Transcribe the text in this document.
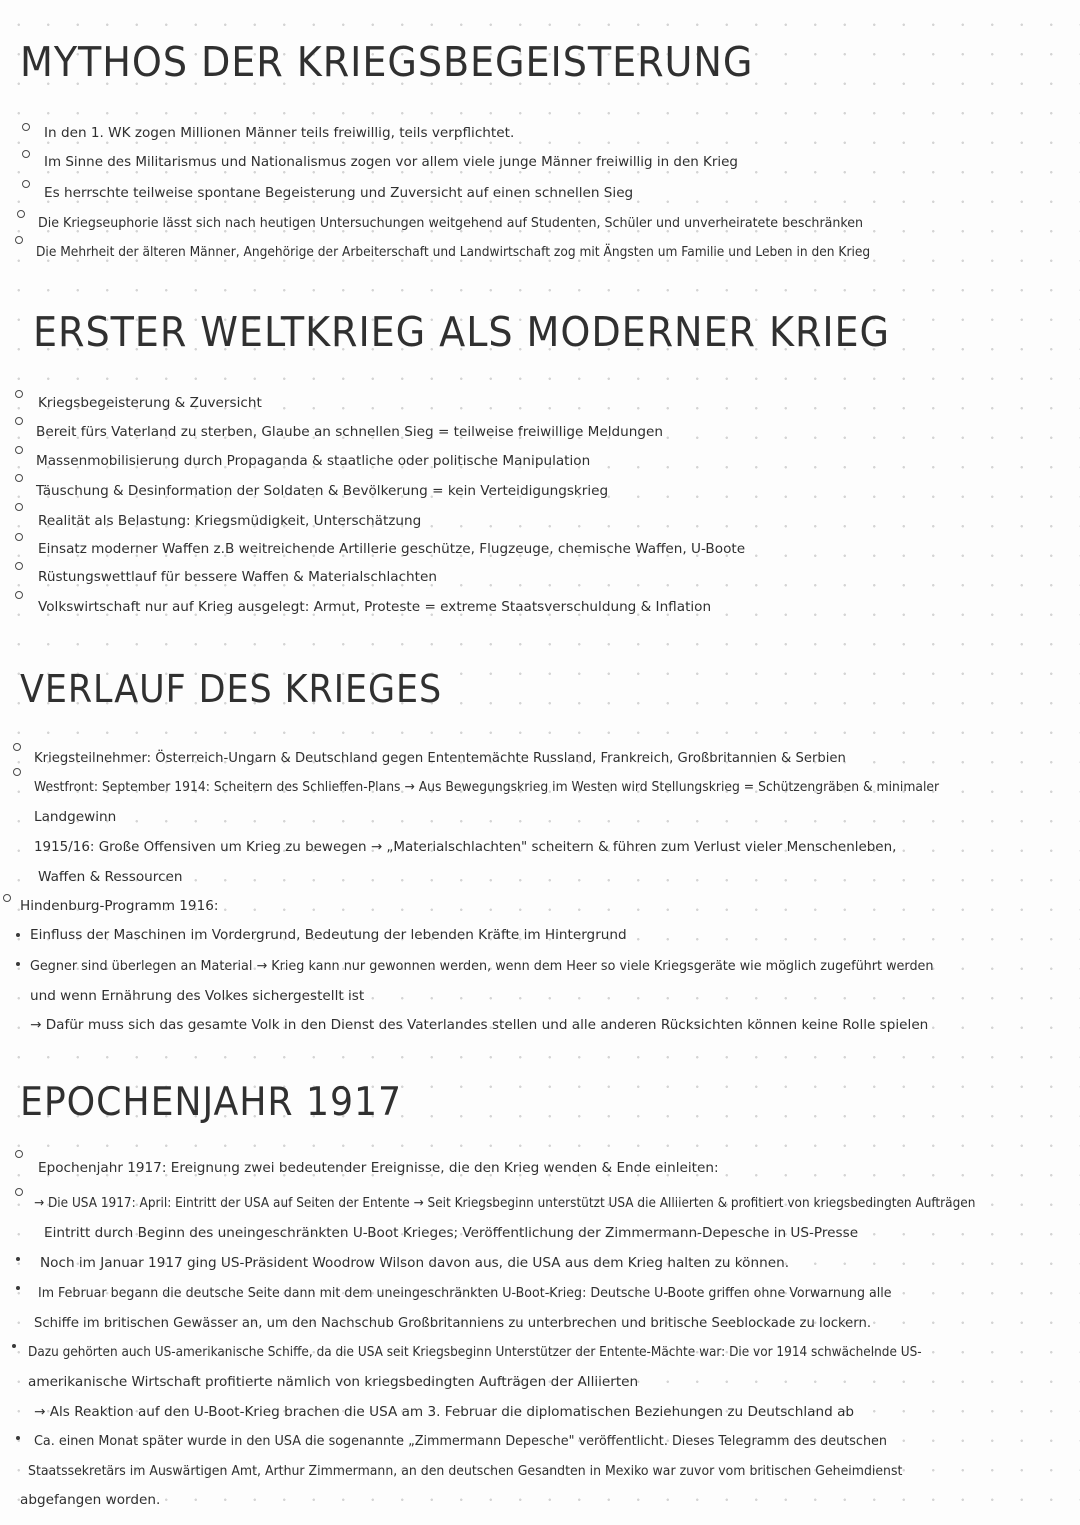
MYTHOS DER KRIEGSBEGEISTERUNG
In den 1. WK zogen Millionen Männer teils freiwillig, teils verpflichtet.
Im Sinne des Militarismus und Nationalismus zogen vor allem viele junge Männer freiwillig in den Krieg
Es herrschte teilweise spontane Begeisterung und Zuversicht auf einen schnellen Sieg
Die Kriegseuphorie lässt sich nach heutigen Untersuchungen weitgehend auf Studenten, Schüler und unverheiratete beschränken
Die Mehrheit der älteren Männer, Angehörige der Arbeiterschaft und Landwirtschaft zog mit Ängsten um Familie und Leben in den Krieg
ERSTER WELTKRIEG ALS MODERNER KRIEG
Kriegsbegeisterung & Zuversicht
Bereit fürs Vaterland zu sterben, Glaube an schnellen Sieg = teilweise freiwillige Meldungen
Massenmobilisierung durch Propaganda & staatliche oder politische Manipulation
Täuschung & Desinformation der Soldaten & Bevölkerung = kein Verteidigungskrieg
Realität als Belastung: Kriegsmüdigkeit, Unterschätzung
Einsatz moderner Waffen z.B weitreichende Artillerie geschütze, Flugzeuge, chemische Waffen, U-Boote
Rüstungswettlauf für bessere Waffen & Materialschlachten
Volkswirtschaft nur auf Krieg ausgelegt: Armut, Proteste = extreme Staatsverschuldung & Inflation
VERLAUF DES KRIEGES
Kriegsteilnehmer: Österreich-Ungarn & Deutschland gegen Ententemächte Russland, Frankreich, Großbritannien & Serbien
Westfront: September 1914: Scheitern des Schlieffen-Plans → Aus Bewegungskrieg im Westen wird Stellungskrieg = Schützengräben & minimaler
Landgewinn
1915/16: Große Offensiven um Krieg zu bewegen → „Materialschlachten" scheitern & führen zum Verlust vieler Menschenleben,
Waffen & Ressourcen
Hindenburg-Programm 1916:
Einfluss der Maschinen im Vordergrund, Bedeutung der lebenden Kräfte im Hintergrund
Gegner sind überlegen an Material → Krieg kann nur gewonnen werden, wenn dem Heer so viele Kriegsgeräte wie möglich zugeführt werden
und wenn Ernährung des Volkes sichergestellt ist
→ Dafür muss sich das gesamte Volk in den Dienst des Vaterlandes stellen und alle anderen Rücksichten können keine Rolle spielen
EPOCHENJAHR 1917
Epochenjahr 1917: Ereignung zwei bedeutender Ereignisse, die den Krieg wenden & Ende einleiten:
→ Die USA 1917: April: Eintritt der USA auf Seiten der Entente → Seit Kriegsbeginn unterstützt USA die Alliierten & profitiert von kriegsbedingten Aufträgen
Eintritt durch Beginn des uneingeschränkten U-Boot Krieges; Veröffentlichung der Zimmermann-Depesche in US-Presse
Noch im Januar 1917 ging US-Präsident Woodrow Wilson davon aus, die USA aus dem Krieg halten zu können.
Im Februar begann die deutsche Seite dann mit dem uneingeschränkten U-Boot-Krieg: Deutsche U-Boote griffen ohne Vorwarnung alle
Schiffe im britischen Gewässer an, um den Nachschub Großbritanniens zu unterbrechen und britische Seeblockade zu lockern.
Dazu gehörten auch US-amerikanische Schiffe, da die USA seit Kriegsbeginn Unterstützer der Entente-Mächte war: Die vor 1914 schwächelnde US-
amerikanische Wirtschaft profitierte nämlich von kriegsbedingten Aufträgen der Alliierten
→ Als Reaktion auf den U-Boot-Krieg brachen die USA am 3. Februar die diplomatischen Beziehungen zu Deutschland ab
Ca. einen Monat später wurde in den USA die sogenannte „Zimmermann Depesche" veröffentlicht. Dieses Telegramm des deutschen
Staatssekretärs im Auswärtigen Amt, Arthur Zimmermann, an den deutschen Gesandten in Mexiko war zuvor vom britischen Geheimdienst
abgefangen worden.
